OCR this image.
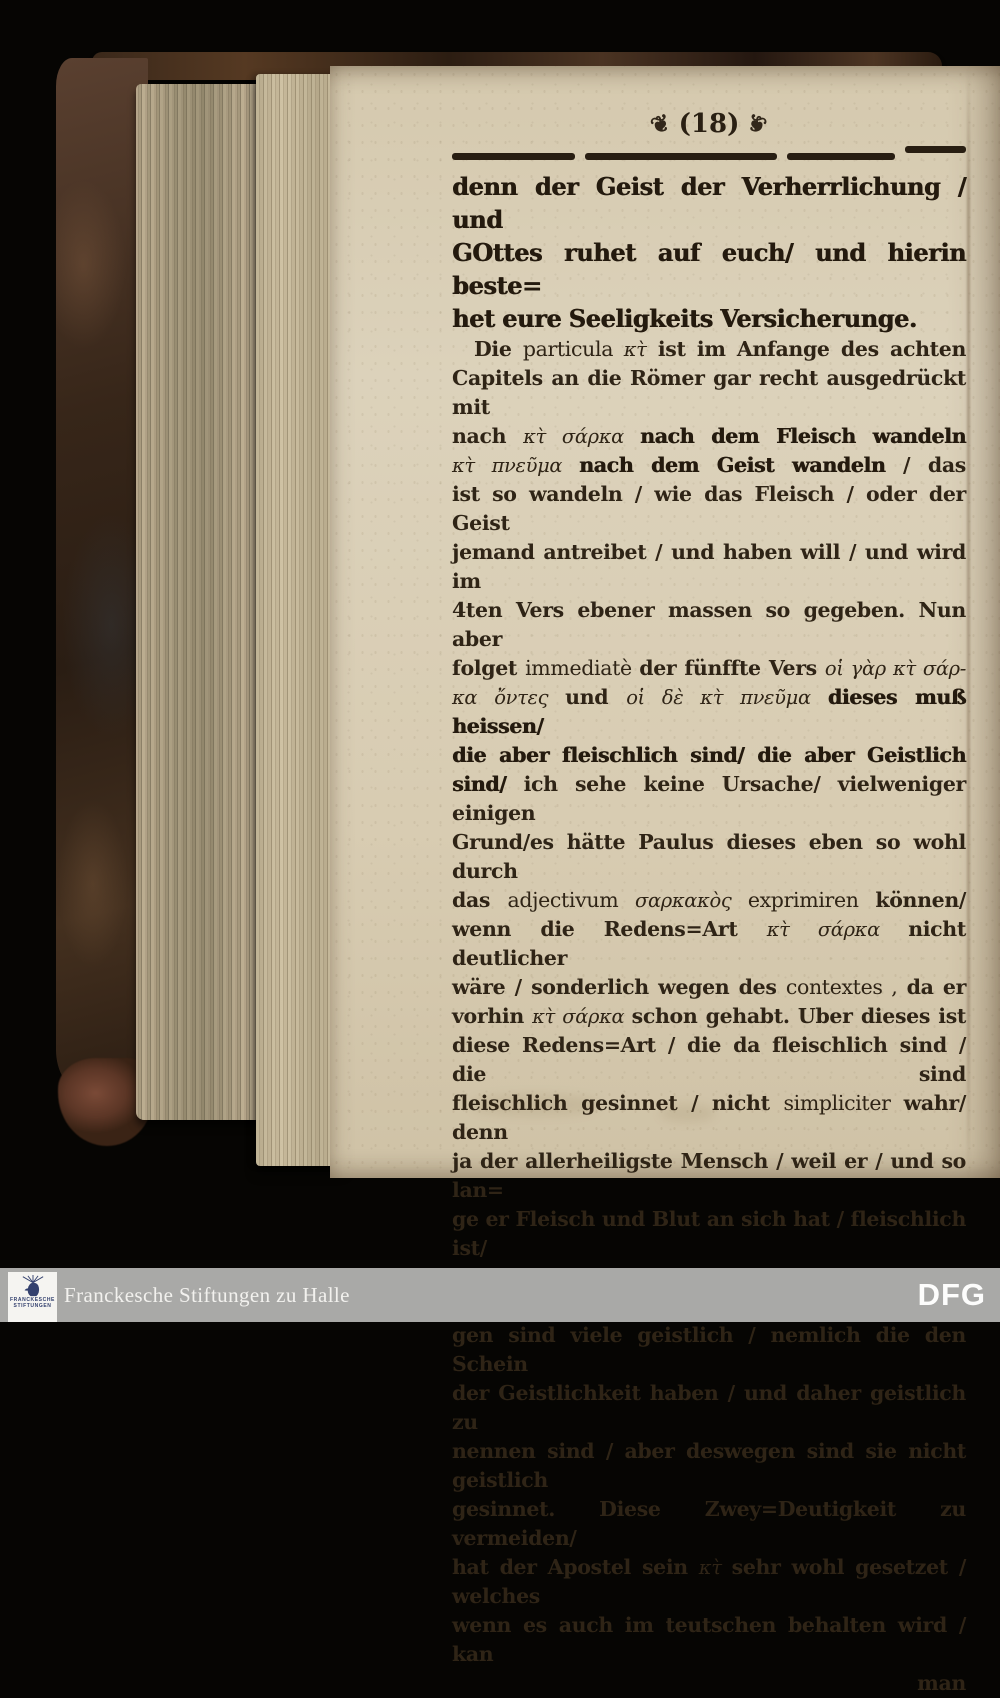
❦ (18) ❦
denn der Geist der Verherrlichung / und
GOttes ruhet auf euch/ und hierin beste=
het eure Seeligkeits Versicherunge.
Die particula κτ̀ ist im Anfange des achten
Capitels an die Römer gar recht ausgedrückt mit
nach κτ̀ σάρκα nach dem Fleisch wandeln
κτ̀ πνεῦμα nach dem Geist wandeln / das
ist so wandeln / wie das Fleisch / oder der Geist
jemand antreibet / und haben will / und wird im
4ten Vers ebener massen so gegeben. Nun aber
folget immediatè der fünffte Vers οἱ γὰρ κτ̀ σάρ-
κα ὄντες und οἱ δὲ κτ̀ πνεῦμα dieses muß heissen/
die aber fleischlich sind/ die aber Geistlich
sind/ ich sehe keine Ursache/ vielweniger einigen
Grund/es hätte Paulus dieses eben so wohl durch
das adjectivum σαρκακὸς exprimiren können/
wenn die Redens=Art κτ̀ σάρκα nicht deutlicher
wäre / sonderlich wegen des contextes , da er
vorhin κτ̀ σάρκα schon gehabt. Uber dieses ist
diese Redens=Art / die da fleischlich sind / die sind
fleischlich gesinnet / nicht simpliciter wahr/ denn
ja der allerheiligste Mensch / weil er / und so lan=
ge er Fleisch und Blut an sich hat / fleischlich ist/
gen sind viele geistlich / nemlich die den Schein
der Geistlichkeit haben / und daher geistlich zu
nennen sind / aber deswegen sind sie nicht geistlich
gesinnet. Diese Zwey=Deutigkeit zu vermeiden/
hat der Apostel sein κτ̀ sehr wohl gesetzet / welches
wenn es auch im teutschen behalten wird / kan
man
FRANCKESCHE
STIFTUNGEN Franckesche Stiftungen zu Halle	DFG
